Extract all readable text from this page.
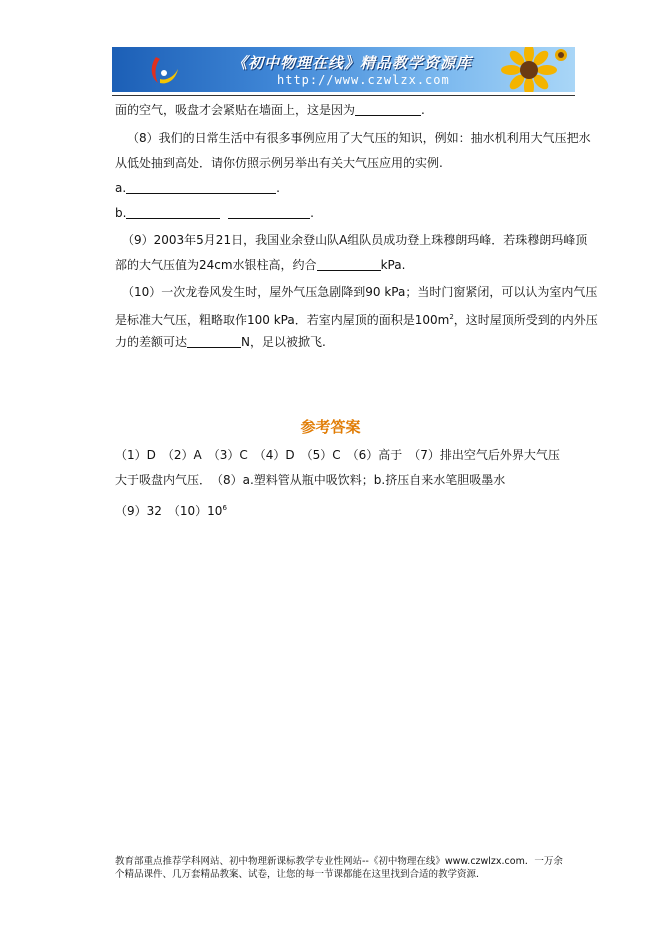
《初中物理在线》精品教学资源库
http://www.czwlzx.com
面的空气，吸盘才会紧贴在墙面上，这是因为	.
（8）我们的日常生活中有很多事例应用了大气压的知识，例如：抽水机利用大气压把水
从低处抽到高处．请你仿照示例另举出有关大气压应用的实例.
a.	.
b.	.
（9）2003年5月21日，我国业余登山队A组队员成功登上珠穆朗玛峰．若珠穆朗玛峰顶
部的大气压值为24cm水银柱高，约合	kPa.
（10）一次龙卷风发生时，屋外气压急剧降到90 kPa；当时门窗紧闭，可以认为室内气压
是标准大气压，粗略取作100 kPa．若室内屋顶的面积是$100m^2$，这时屋顶所受到的内外压
力的差额可达	N，足以被掀飞.
参考答案
（1）D　（2）A　（3）C　（4）D　（5）C　（6）高于　（7）排出空气后外界大气压
大于吸盘内气压．　（8）a.塑料管从瓶中吸饮料；b.挤压自来水笔胆吸墨水
（9）32　$(10)10^6$
教育部重点推荐学科网站、初中物理新课标教学专业性网站--《初中物理在线》www.czwlzx.com．一万余
个精品课件、几万套精品教案、试卷，让您的每一节课都能在这里找到合适的教学资源．
